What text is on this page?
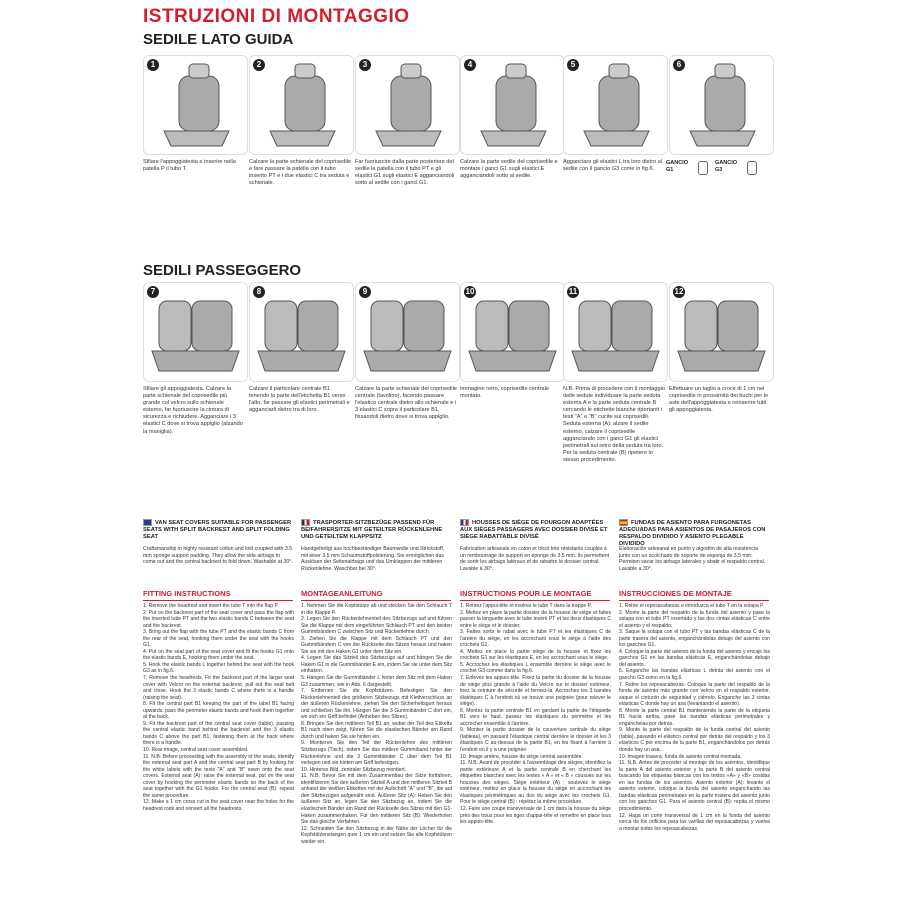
ISTRUZIONI DI MONTAGGIO
SEDILE LATO GUIDA
SEDILI PASSEGGERO
1
Sfilare l'appoggiatesta e inserire nella patella P il tubo T.
2
Calzare la parte schienale del coprisedile e fare passare la patella con il tubo inserito PT e i due elastici C tra seduta e schienale.
3
Far fuoriuscire dalla parte posteriore del sedile la patella con il tubo PT e gli elastici G1 sugli elastici E agganciandoli sotto al sedile con i ganci G1.
4
Calzare la parte sedile del coprisedile e montare i ganci G1 sugli elastici E agganciandoli sotto al sedile.
5
Agganciare gli elastici L tra loro dietro al sedile con il gancio G3 come in fig.6.
6
7
Sfilare gli appoggiatesta. Calzare la parte schienale del coprisedile più grande col velcro sullo schienale esterno, far fuoriuscire la cintura di sicurezza e richiudere. Agganciare i 3 elastici C dove si trova appiglio (alzando la maniglia).
8
Calzare il particolare centrale B1 tenendo la parte dell'etichetta B1 verso l'alto, far passare gli elastici perimetrali e agganciarli dietro tra di loro.
9
Calzare la parte schienale del coprisedile centrale (tavolino), facendo passare l'elastico centrale dietro allo schienale e i 3 elastici C sopra il particolare B1, fissandoli dietro dove si trova appiglio.
10
Immagine retro, coprisedile centrale montato.
11
N.B. Prima di procedere con il montaggio delle sedute individuare la parte seduta esterna A e la parte seduta centrale B cercando le etichette bianche riportanti i testi "A" e "B" cucite sui coprisedili. Seduta esterna (A): alzare il sedile esterno, calzare il coprisedile agganciando con i ganci G1 gli elastici perimetrali sul retro della seduta tra loro. Per la seduta centrale (B) ripetere lo stesso procedimento.
12
Effettuare un taglio a croce di 1 cm nel coprisedile in prossimità dei buchi per le aste dell'appoggiatesta e reinserire tutti gli appoggiatesta.
GANCIO G1
GANCIO G3
VAN SEAT COVERS SUITABLE FOR PASSENGER SEATS WITH SPLIT BACKREST AND SPLIT FOLDING SEAT
Craftsmanship in highly resistant cotton and knit coupled with 3.5 mm sponge support padding. They allow the side airbags to come out and the central backrest to fold down. Washable at 30°.
FITTING INSTRUCTIONS
1. Remove the headrest and insert the tube T into the flap P.
2. Put on the backrest part of the seat cover and pass the flap with the inserted tube PT and the two elastic bands C between the seat and the backrest.
3. Bring out the flap with the tube PT and the elastic bands C from the rear of the seat, hooking them under the seat with the hooks G1.
4. Put on the seat part of the seat cover and fit the hooks G1 onto the elastic bands E, hooking them under the seat.
5. Hook the elastic bands L together behind the seat with the hook G3 as in fig.6.
7. Remove the headrests. Fit the backrest part of the larger seat cover with Velcro on the external backrest, pull out the seat belt and close. Hook the 3 elastic bands C where there is a handle (raising the seat).
8. Fit the central part B1 keeping the part of the label B1 facing upwards, pass the perimeter elastic bands and hook them together at the back.
9. Fit the backrest part of the central seat cover (table), passing the central elastic band behind the backrest and the 3 elastic bands C above the part B1, fastening them at the back where there is a handle.
10. Rear image, central seat cover assembled.
11. N.B. Before proceeding with the assembly of the seats, identify the external seat part A and the central seat part B by looking for the white labels with the texts "A" and "B" sewn onto the seat covers. External seat (A): raise the external seat, put on the seat cover by hooking the perimeter elastic bands on the back of the seat together with the G1 hooks. For the central seat (B): repeat the same procedure.
12. Make a 1 cm cross cut in the seat cover near the holes for the headrest rods and reinsert all the headrests.
TRASPORTER-SITZBEZÜGE PASSEND FÜR BEIFAHRERSITZE MIT GETEILTER RÜCKENLEHNE UND GETEILTEM KLAPPSITZ
Handgefertigt aus hochbeständiger Baumwolle und Strickstoff, mit einer 3,5 mm Schaumstoffpolsterung. Sie ermöglichen das Auslösen der Seitenairbags und das Umklappen der mittleren Rückenlehne. Waschbar bei 30°.
MONTAGEANLEITUNG
1. Nehmen Sie die Kopfstütze ab und stecken Sie den Schlauch T in die Klappe P.
2. Legen Sie den Rückenlehnenteil des Sitzbezugs auf und führen Sie die Klappe mit dem eingeführten Schlauch PT und den beiden Gummibändern C zwischen Sitz und Rückenlehne durch.
3. Ziehen Sie die Klappe mit dem Schlauch PT und den Gummibändern C von der Rückseite des Sitzes heraus und haken Sie sie mit den Haken G1 unter dem Sitz ein.
4. Legen Sie das Sitzteil des Sitzbezugs auf und hängen Sie die Haken G1 in die Gummibänder E ein, indem Sie sie unter dem Sitz einhaken.
5. Hängen Sie die Gummibänder L hinter dem Sitz mit dem Haken G3 zusammen, wie in Abb. 6 dargestellt.
7. Entfernen Sie die Kopfstützen. Befestigen Sie den Rückenlehnenteil des größeren Sitzbezugs mit Klettverschluss an der äußeren Rückenlehne, ziehen Sie den Sicherheitsgurt heraus und schließen Sie ihn. Hängen Sie die 3 Gummibänder C dort ein, wo sich ein Griff befindet (Anheben des Sitzes).
8. Bringen Sie den mittleren Teil B1 an, wobei der Teil des Etiketts B1 nach oben zeigt, führen Sie die elastischen Bänder am Rand durch und haken Sie sie hinten ein.
9. Montieren Sie den Teil der Rückenlehne des mittleren Sitzbezugs (Tisch), indem Sie das mittlere Gummiband hinter der Rückenlehne und die 3 Gummibänder C über dem Teil B1 verlegen und sie hinten am Griff befestigen.
10. Hinteres Bild, zentraler Sitzbezug montiert.
11. N.B. Bevor Sie mit dem Zusammenbau der Sitze fortfahren, identifizieren Sie den äußeren Sitzteil A und den mittleren Sitzteil B anhand der weißen Etiketten mit der Aufschrift "A" und "B", die auf den Sitzbezügen aufgenäht sind. Äußerer Sitz (A): Heben Sie den äußeren Sitz an, legen Sie den Sitzbezug an, indem Sie die elastischen Bänder am Rand der Rückseite des Sitzes mit den G1-Haken zusammenhaken. Für den mittleren Sitz (B): Wiederholen Sie das gleiche Verfahren.
12. Schneiden Sie den Sitzbezug in der Nähe der Löcher für die Kopfstützenstangen quer 1 cm ein und setzen Sie alle Kopfstützen wieder ein.
HOUSSES DE SIÈGE DE FOURGON ADAPTÉES AUX SIÈGES PASSAGERS AVEC DOSSIER DIVISÉ ET SIÈGE RABATTABLE DIVISÉ
Fabrication artisanale en coton et tricot très résistants couplés à un rembourrage de support en éponge de 3,5 mm. Ils permettent de sortir les airbags latéraux et de rabattre le dossier central. Lavable à 30°.
INSTRUCTIONS POUR LE MONTAGE
1. Retirez l'appui-tête et insérez le tube T dans la trappe P.
2. Mettez en place la partie dossier de la housse de siège et faites passer la languette avec le tube inséré PT et les deux élastiques C entre le siège et le dossier.
3. Faites sortir le rabat avec le tube PT et les élastiques C de l'arrière du siège, en les accrochant sous le siège à l'aide des crochets G1.
4. Mettez en place la partie siège de la housse et fixez les crochets G1 sur les élastiques E, en les accrochant sous le siège.
5. Accrochez les élastiques L ensemble derrière le siège avec le crochet G3 comme dans la fig.6.
7. Enlevez les appuis-tête. Fixez la partie du dossier de la housse de siège plus grande à l'aide du Velcro sur le dossier extérieur, tirez la ceinture de sécurité et fermez-la. Accrochez les 3 bandes élastiques C à l'endroit où se trouve une poignée (pour relever le siège).
8. Montez la partie centrale B1 en gardant la partie de l'étiquette B1 vers le haut, passez les élastiques du périmètre et les accrocher ensemble à l'arrière.
9. Montez la partie dossier de la couverture centrale du siège (tableau), en passant l'élastique central derrière le dossier et les 3 élastiques C au-dessus de la partie B1, en les fixant à l'arrière à l'endroit où il y a une poignée.
10. Image arrière, housse de siège central assemblée.
11. N.B. Avant de procéder à l'assemblage des sièges, identifiez la partie extérieure A et la partie centrale B en cherchant les étiquettes blanches avec les textes « A » et « B » cousues sur les housses des sièges. Siège extérieur (A) : soulevez le siège extérieur, mettez en place la housse du siège en accrochant les élastiques périmétriques au dos du siège avec les crochets G1. Pour le siège central (B) : répétez la même procédure.
12. Faire une coupe transversale de 1 cm dans la housse du siège près des trous pour les tiges d'appui-tête et remettre en place tous les appuis-tête.
FUNDAS DE ASIENTO PARA FURGONETAS ADECUADAS PARA ASIENTOS DE PASAJEROS CON RESPALDO DIVIDIDO Y ASIENTO PLEGABLE DIVIDIDO
Elaboración artesanal en punto y algodón de alta resistencia junto con un acolchado de soporte de esponja de 3,5 mm. Permiten sacar los airbags laterales y abatir el respaldo central. Lavable a 30°.
INSTRUCCIONES DE MONTAJE
1. Retire el reposacabezas e introduzca el tubo T en la solapa P.
2. Monte la parte del respaldo de la funda del asiento y pase la solapa con el tubo PT insertado y las dos cintas elásticas C entre el asiento y el respaldo.
3. Saque la solapa con el tubo PT y las bandas elásticas C de la parte trasera del asiento, enganchándolas debajo del asiento con los ganchos G1.
4. Coloque la parte del asiento de la funda del asiento y encaje los ganchos G1 en las bandas elásticas E, enganchándolas debajo del asiento.
5. Enganche las bandas elásticas L detrás del asiento con el gancho G3 como en la fig.6.
7. Retire los reposacabezas. Coloque la parte del respaldo de la funda de asiento más grande con velcro en el respaldo exterior, saque el cinturón de seguridad y ciérrelo. Enganche las 3 cintas elásticas C donde hay un asa (levantando el asiento).
8. Monte la parte central B1 manteniendo la parte de la etiqueta B1 hacia arriba, pase las bandas elásticas perimetrales y engánchelas por detrás.
9. Monte la parte del respaldo de la funda central del asiento (tabla), pasando el elástico central por detrás del respaldo y los 3 elásticos C por encima de la parte B1, enganchándolos por detrás donde hay un asa.
10. Imagen trasera, funda de asiento central montada.
11. N.B. Antes de proceder al montaje de los asientos, identifique la parte A del asiento exterior y la parte B del asiento central buscando las etiquetas blancas con los textos «A» y «B» cosidas en las fundas de los asientos. Asiento exterior (A): levante el asiento exterior, coloque la funda del asiento enganchando las bandas elásticas perimetrales en la parte trasera del asiento junto con los ganchos G1. Para el asiento central (B): repita el mismo procedimiento.
12. Haga un corte transversal de 1 cm en la funda del asiento cerca de los orificios para las varillas del reposacabezas y vuelva a montar todos los reposacabezas.
